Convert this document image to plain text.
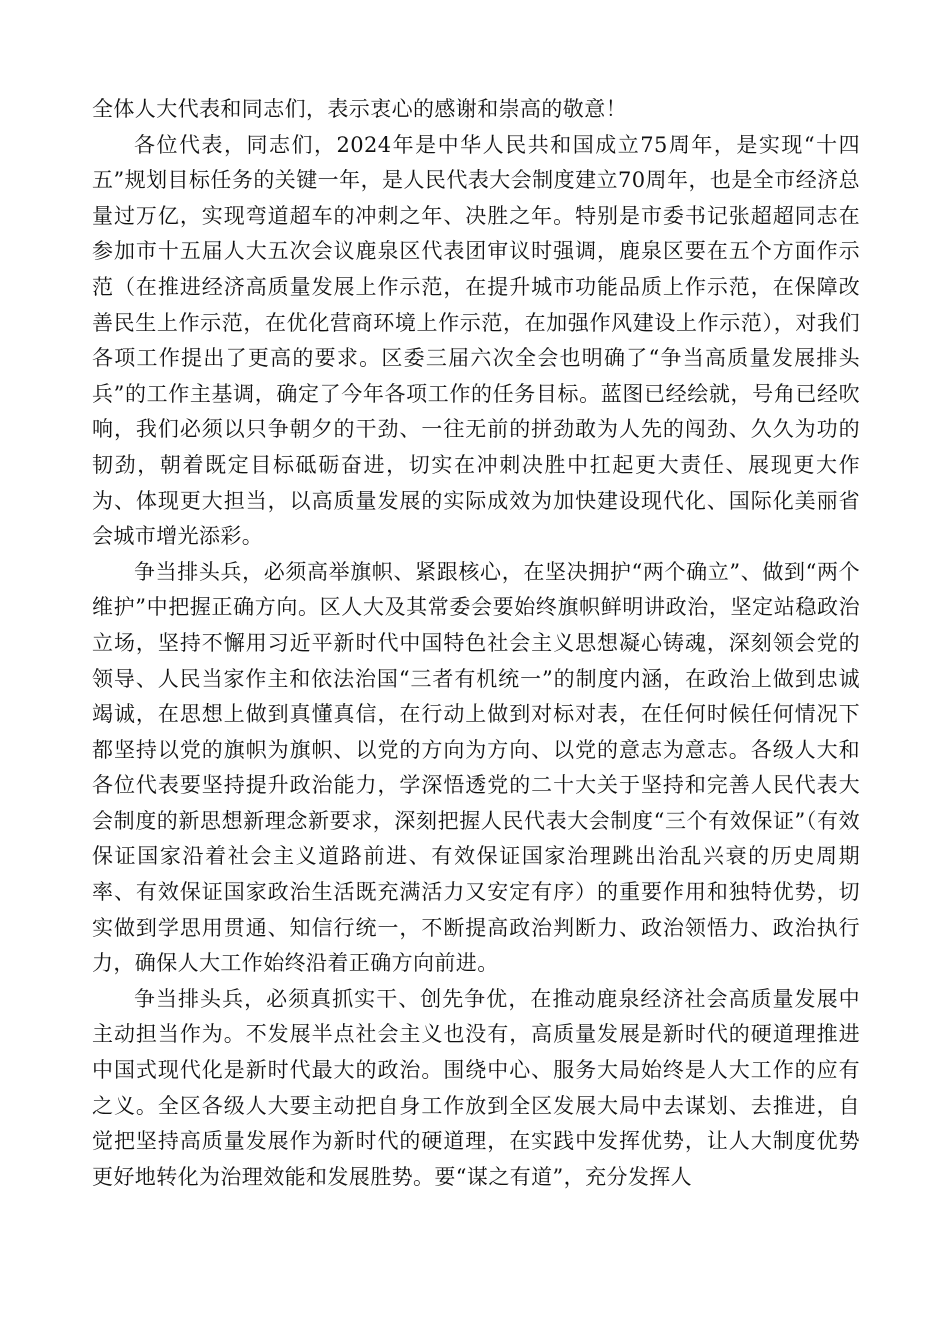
全体人大代表和同志们，表示衷心的感谢和崇高的敬意！

各位代表，同志们，2024年是中华人民共和国成立75周年，是实现“十四五”规划目标任务的关键一年，是人民代表大会制度建立70周年，也是全市经济总量过万亿，实现弯道超车的冲刺之年、决胜之年。特别是市委书记张超超同志在参加市十五届人大五次会议鹿泉区代表团审议时强调，鹿泉区要在五个方面作示范（在推进经济高质量发展上作示范，在提升城市功能品质上作示范，在保障改善民生上作示范，在优化营商环境上作示范，在加强作风建设上作示范），对我们各项工作提出了更高的要求。区委三届六次全会也明确了“争当高质量发展排头兵”的工作主基调，确定了今年各项工作的任务目标。蓝图已经绘就，号角已经吹响，我们必须以只争朝夕的干劲、一往无前的拼劲敢为人先的闯劲、久久为功的韧劲，朝着既定目标砥砺奋进，切实在冲刺决胜中扛起更大责任、展现更大作为、体现更大担当，以高质量发展的实际成效为加快建设现代化、国际化美丽省会城市增光添彩。

争当排头兵，必须高举旗帜、紧跟核心，在坚决拥护“两个确立”、做到“两个维护”中把握正确方向。区人大及其常委会要始终旗帜鲜明讲政治，坚定站稳政治立场，坚持不懈用习近平新时代中国特色社会主义思想凝心铸魂，深刻领会党的领导、人民当家作主和依法治国“三者有机统一”的制度内涵，在政治上做到忠诚竭诚，在思想上做到真懂真信，在行动上做到对标对表，在任何时候任何情况下都坚持以党的旗帜为旗帜、以党的方向为方向、以党的意志为意志。各级人大和各位代表要坚持提升政治能力，学深悟透党的二十大关于坚持和完善人民代表大会制度的新思想新理念新要求，深刻把握人民代表大会制度“三个有效保证”（有效保证国家沿着社会主义道路前进、有效保证国家治理跳出治乱兴衰的历史周期率、有效保证国家政治生活既充满活力又安定有序）的重要作用和独特优势，切实做到学思用贯通、知信行统一，不断提高政治判断力、政治领悟力、政治执行力，确保人大工作始终沿着正确方向前进。

争当排头兵，必须真抓实干、创先争优，在推动鹿泉经济社会高质量发展中主动担当作为。不发展半点社会主义也没有，高质量发展是新时代的硬道理推进中国式现代化是新时代最大的政治。围绕中心、服务大局始终是人大工作的应有之义。全区各级人大要主动把自身工作放到全区发展大局中去谋划、去推进，自觉把坚持高质量发展作为新时代的硬道理，在实践中发挥优势，让人大制度优势更好地转化为治理效能和发展胜势。要“谋之有道”，充分发挥人
